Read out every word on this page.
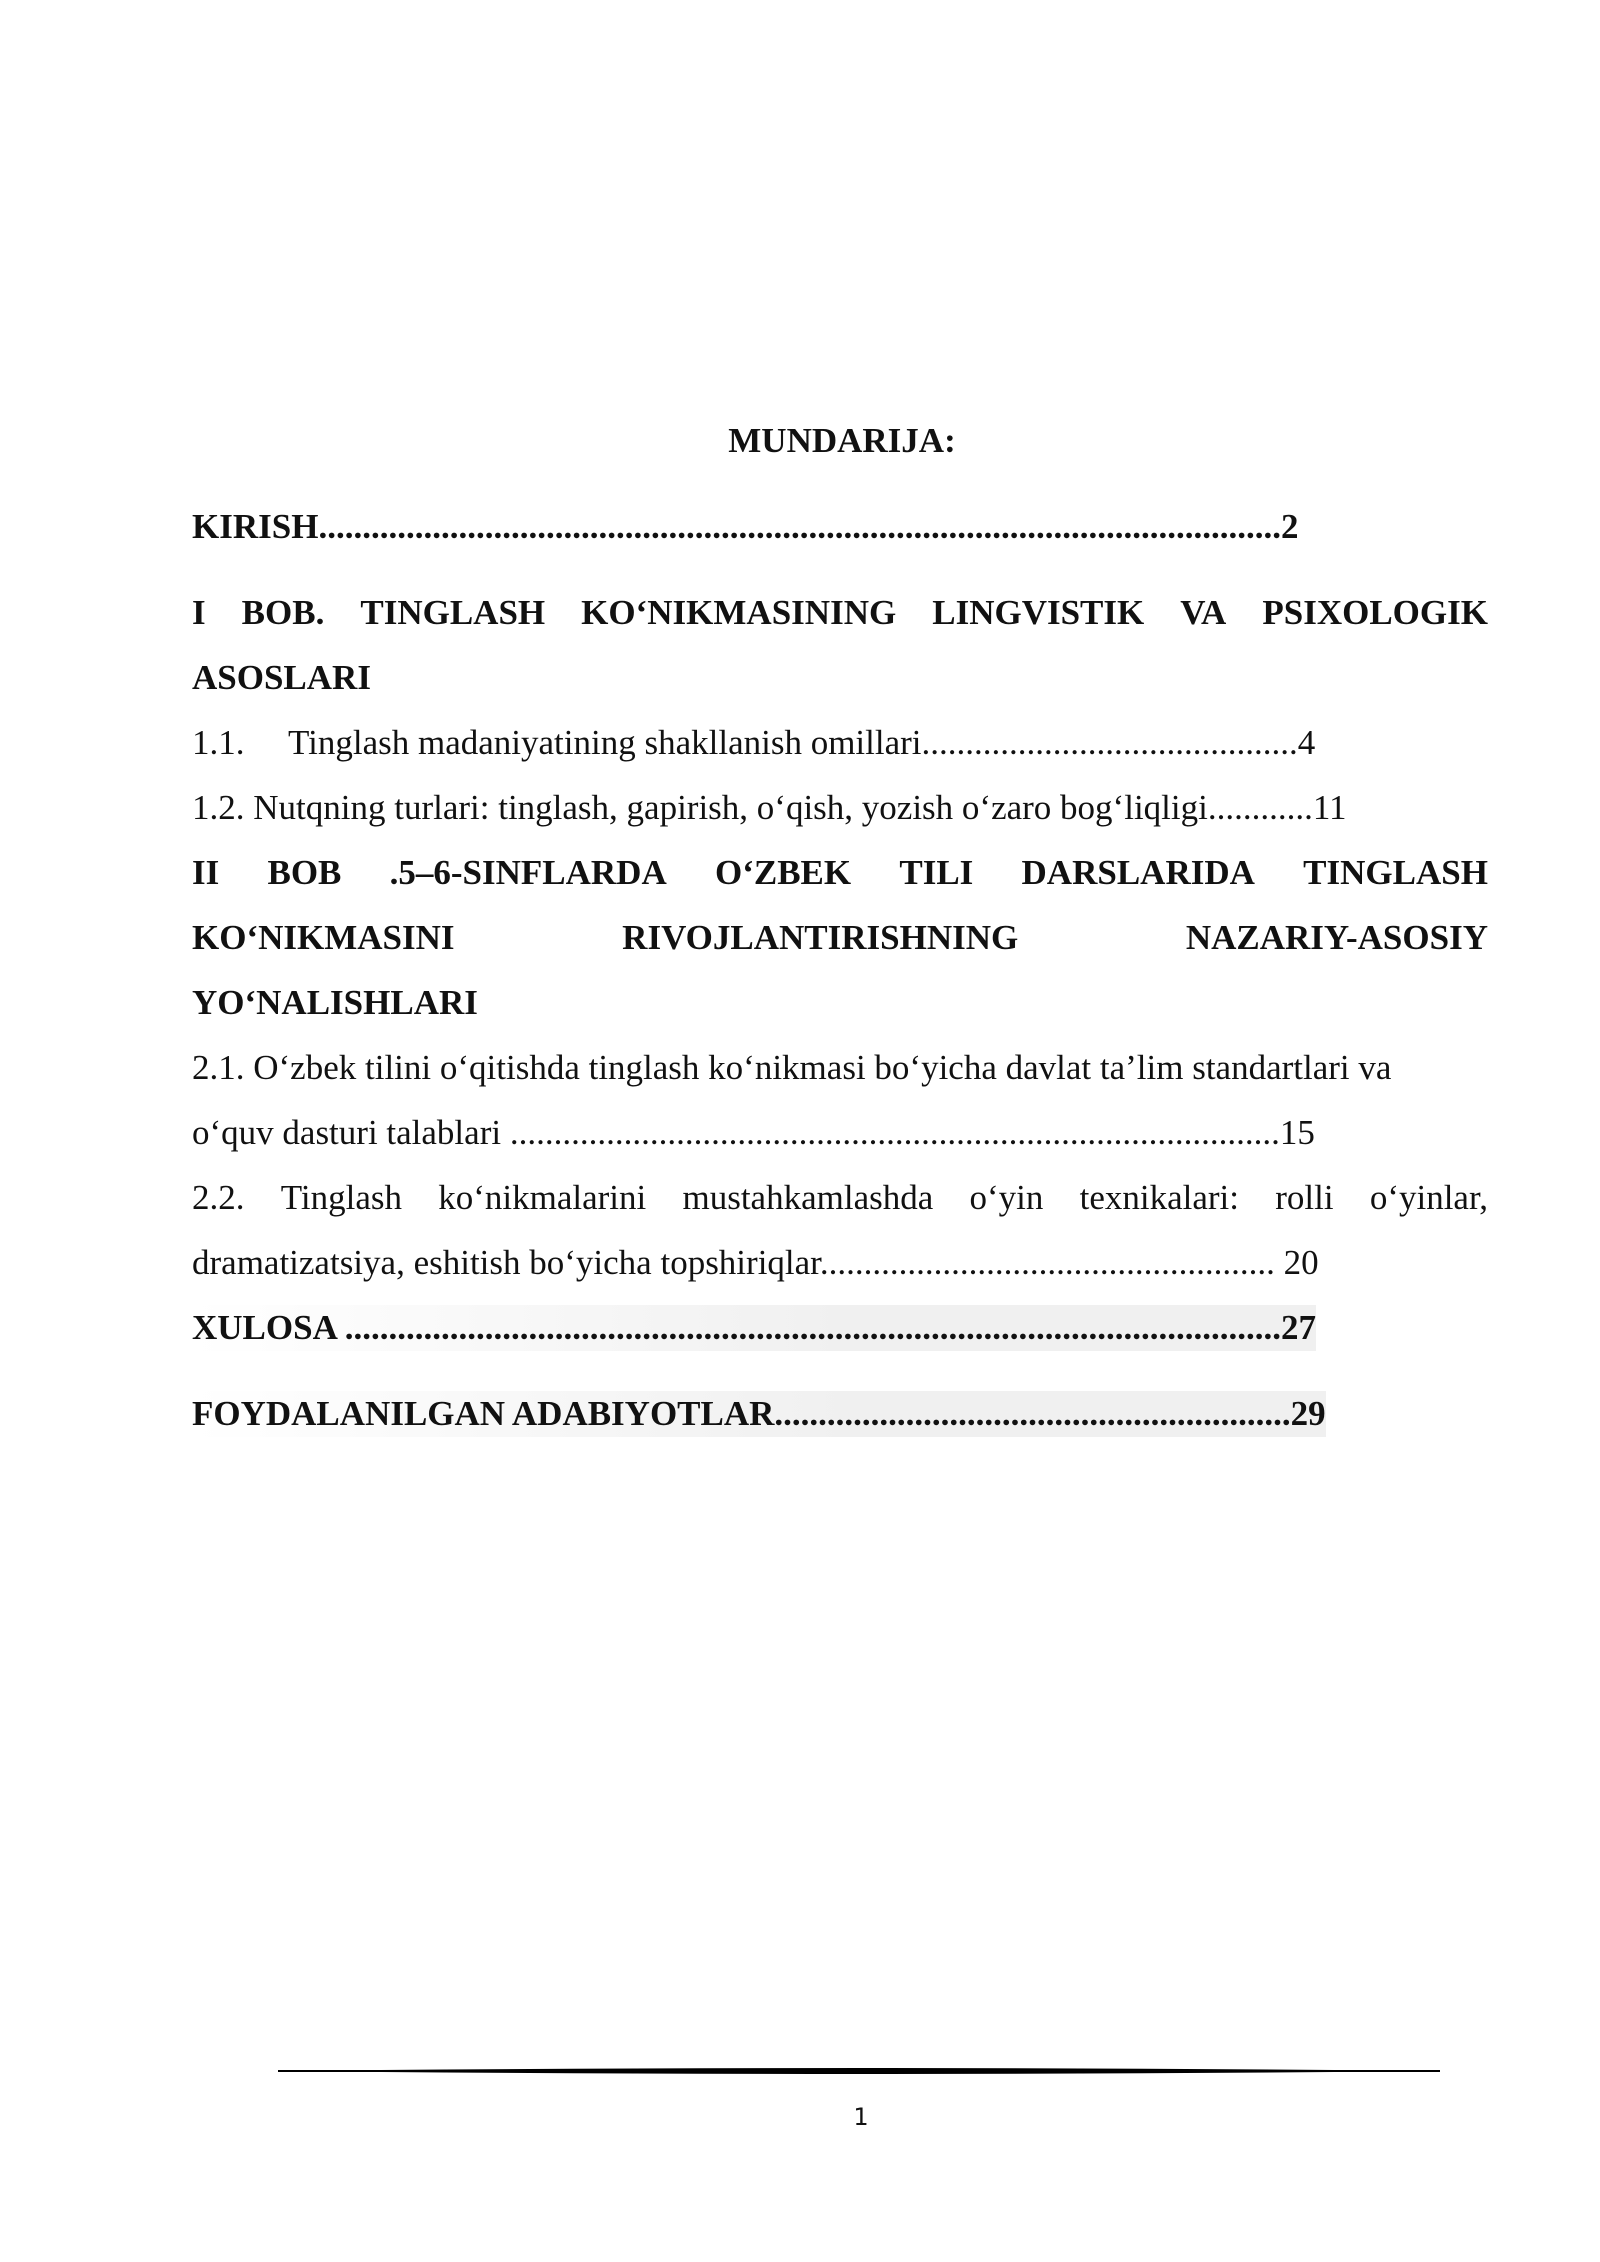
MUNDARIJA:
KIRISH..............................................................................................................2
I BOB. TINGLASH KO‘NIKMASINING LINGVISTIK VA PSIXOLOGIK
ASOSLARI
1.1. Tinglash madaniyatining shakllanish omillari...........................................4
1.2. Nutqning turlari: tinglash, gapirish, o‘qish, yozish o‘zaro bog‘liqligi............11
II BOB .5–6-SINFLARDA O‘ZBEK TILI DARSLARIDA TINGLASH
KO‘NIKMASINI	RIVOJLANTIRISHNING	NAZARIY-ASOSIY
YO‘NALISHLARI
2.1. O‘zbek tilini o‘qitishda tinglash ko‘nikmasi bo‘yicha davlat ta’lim standartlari va
o‘quv dasturi talablari ........................................................................................15
2.2. Tinglash ko‘nikmalarini mustahkamlashda o‘yin texnikalari: rolli o‘yinlar,
dramatizatsiya, eshitish bo‘yicha topshiriqlar.................................................... 20
XULOSA ...........................................................................................................27
FOYDALANILGAN ADABIYOTLAR...........................................................29
1
